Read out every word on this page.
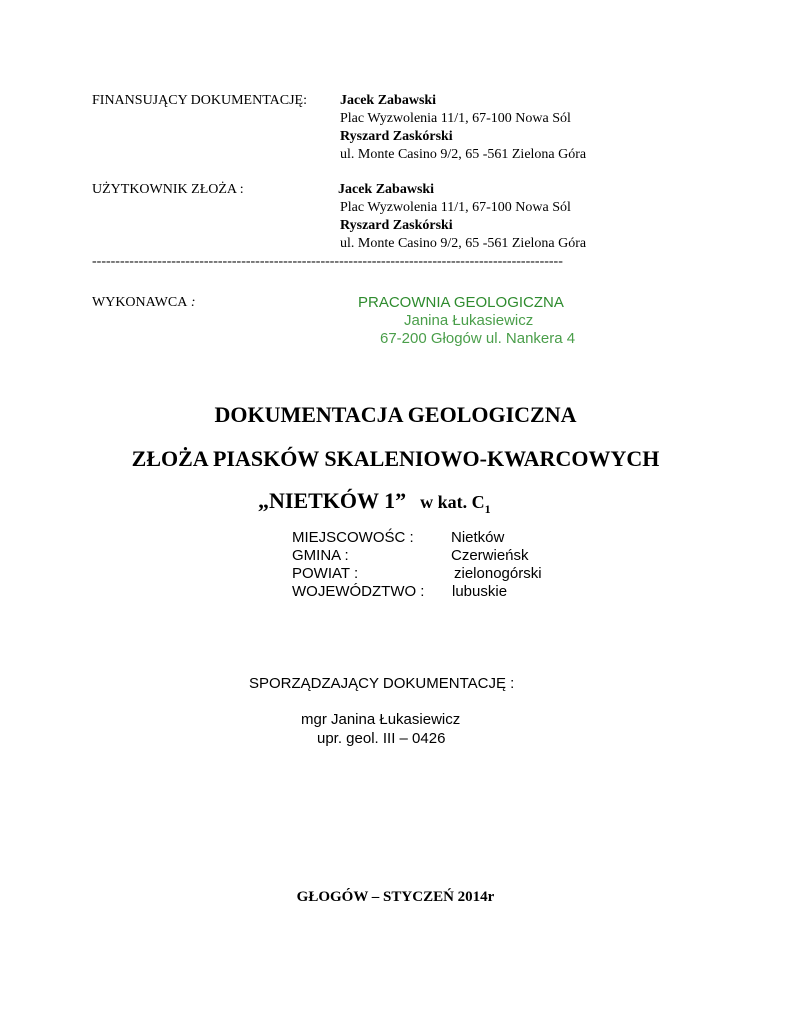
FINANSUJĄCY DOKUMENTACJĘ: Jacek Zabawski
Plac Wyzwolenia 11/1, 67-100 Nowa Sól
Ryszard Zaskórski
ul. Monte Casino 9/2, 65 -561 Zielona Góra
UŻYTKOWNIK ZŁOŻA :	Jacek Zabawski
Plac Wyzwolenia 11/1, 67-100 Nowa Sól
Ryszard Zaskórski
ul. Monte Casino 9/2, 65 -561 Zielona Góra
-----------------------------------------------------------------------------------------------------
WYKONAWCA :	PRACOWNIA GEOLOGICZNA
Janina Łukasiewicz
67-200 Głogów ul. Nankera 4
DOKUMENTACJA GEOLOGICZNA
ZŁOŻA PIASKÓW SKALENIOWO-KWARCOWYCH
„NIETKÓW 1” w kat. $C_1$
MIEJSCOWOŚC : Nietków
GMINA :	Czerwieńsk
POWIAT :	zielonogórski
WOJEWÓDZTWO : lubuskie
SPORZĄDZAJĄCY DOKUMENTACJĘ :
mgr Janina Łukasiewicz
upr. geol. III – 0426
GŁOGÓW – STYCZEŃ 2014r
